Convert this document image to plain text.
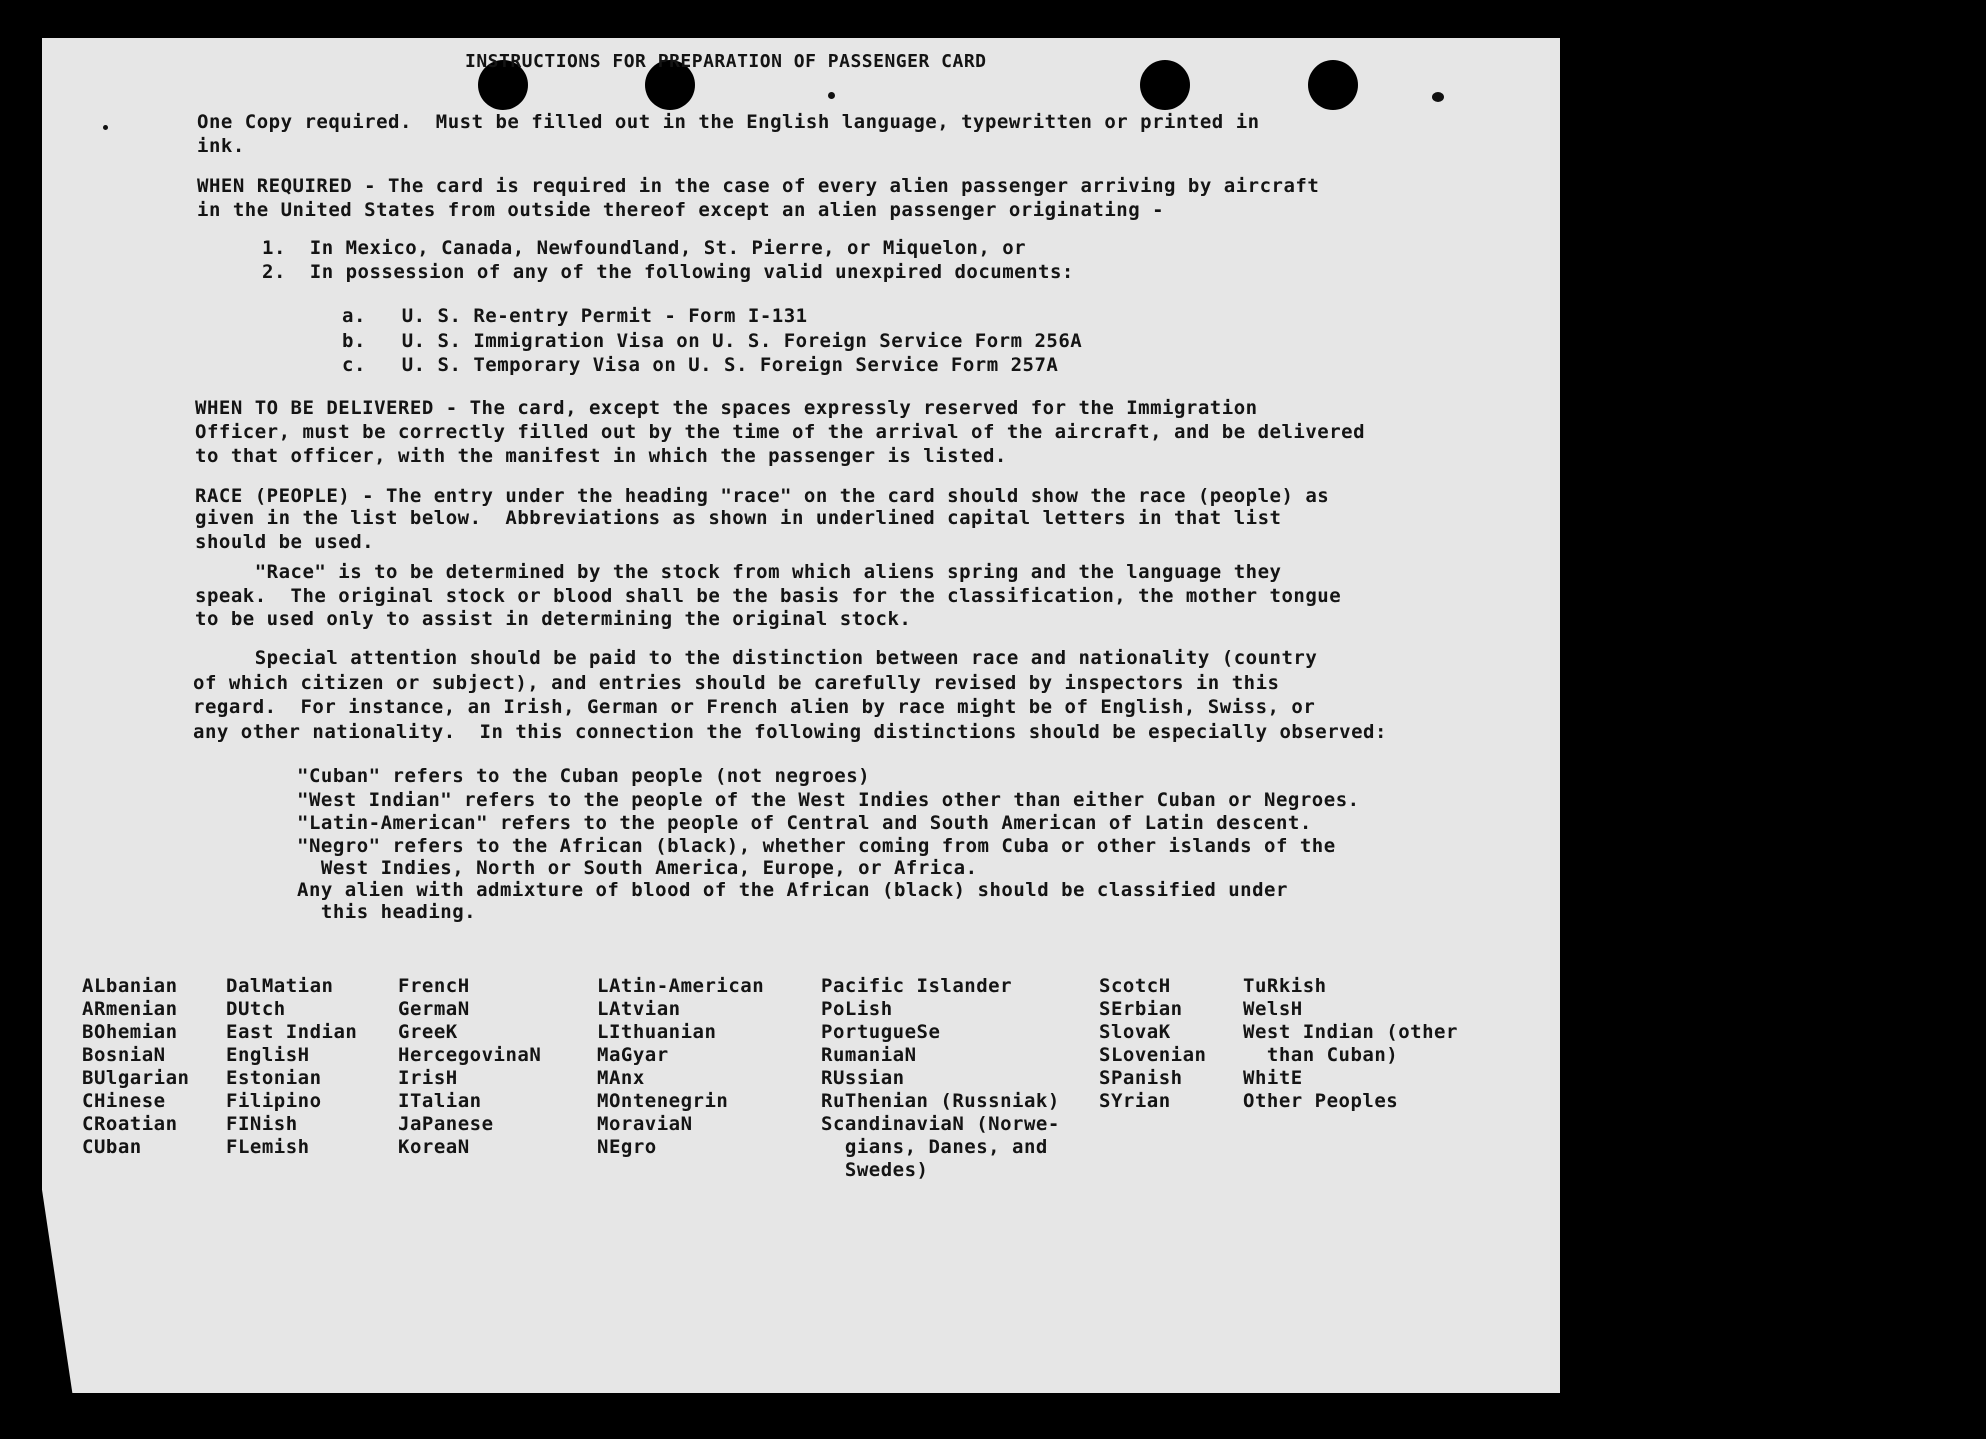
INSTRUCTIONS FOR PREPARATION OF PASSENGER CARD
One Copy required.  Must be filled out in the English language, typewritten or printed in
ink.
WHEN REQUIRED - The card is required in the case of every alien passenger arriving by aircraft
in the United States from outside thereof except an alien passenger originating -
1.  In Mexico, Canada, Newfoundland, St. Pierre, or Miquelon, or
2.  In possession of any of the following valid unexpired documents:
a.   U. S. Re-entry Permit - Form I-131
b.   U. S. Immigration Visa on U. S. Foreign Service Form 256A
c.   U. S. Temporary Visa on U. S. Foreign Service Form 257A
WHEN TO BE DELIVERED - The card, except the spaces expressly reserved for the Immigration
Officer, must be correctly filled out by the time of the arrival of the aircraft, and be delivered
to that officer, with the manifest in which the passenger is listed.
RACE (PEOPLE) - The entry under the heading "race" on the card should show the race (people) as
given in the list below.  Abbreviations as shown in underlined capital letters in that list
should be used.
"Race" is to be determined by the stock from which aliens spring and the language they
speak.  The original stock or blood shall be the basis for the classification, the mother tongue
to be used only to assist in determining the original stock.
Special attention should be paid to the distinction between race and nationality (country
of which citizen or subject), and entries should be carefully revised by inspectors in this
regard.  For instance, an Irish, German or French alien by race might be of English, Swiss, or
any other nationality.  In this connection the following distinctions should be especially observed:
"Cuban" refers to the Cuban people (not negroes)
"West Indian" refers to the people of the West Indies other than either Cuban or Negroes.
"Latin-American" refers to the people of Central and South American of Latin descent.
"Negro" refers to the African (black), whether coming from Cuba or other islands of the
West Indies, North or South America, Europe, or Africa.
Any alien with admixture of blood of the African (black) should be classified under
this heading.
ALbanian
ARmenian
BOhemian
BosniaN
BUlgarian
CHinese
CRoatian
CUban
DalMatian
DUtch
East Indian
EnglisH
Estonian
Filipino
FINish
FLemish
FrencH
GermaN
GreeK
HercegovinaN
IrisH
ITalian
JaPanese
KoreaN
LAtin-American
LAtvian
LIthuanian
MaGyar
MAnx
MOntenegrin
MoraviaN
NEgro
Pacific Islander
PoLish
PortugueSe
RumaniaN
RUssian
RuThenian (Russniak)
ScandinaviaN (Norwe-
gians, Danes, and
Swedes)
ScotcH
SErbian
SlovaK
SLovenian
SPanish
SYrian
TuRkish
WelsH
West Indian (other
than Cuban)
WhitE
Other Peoples
